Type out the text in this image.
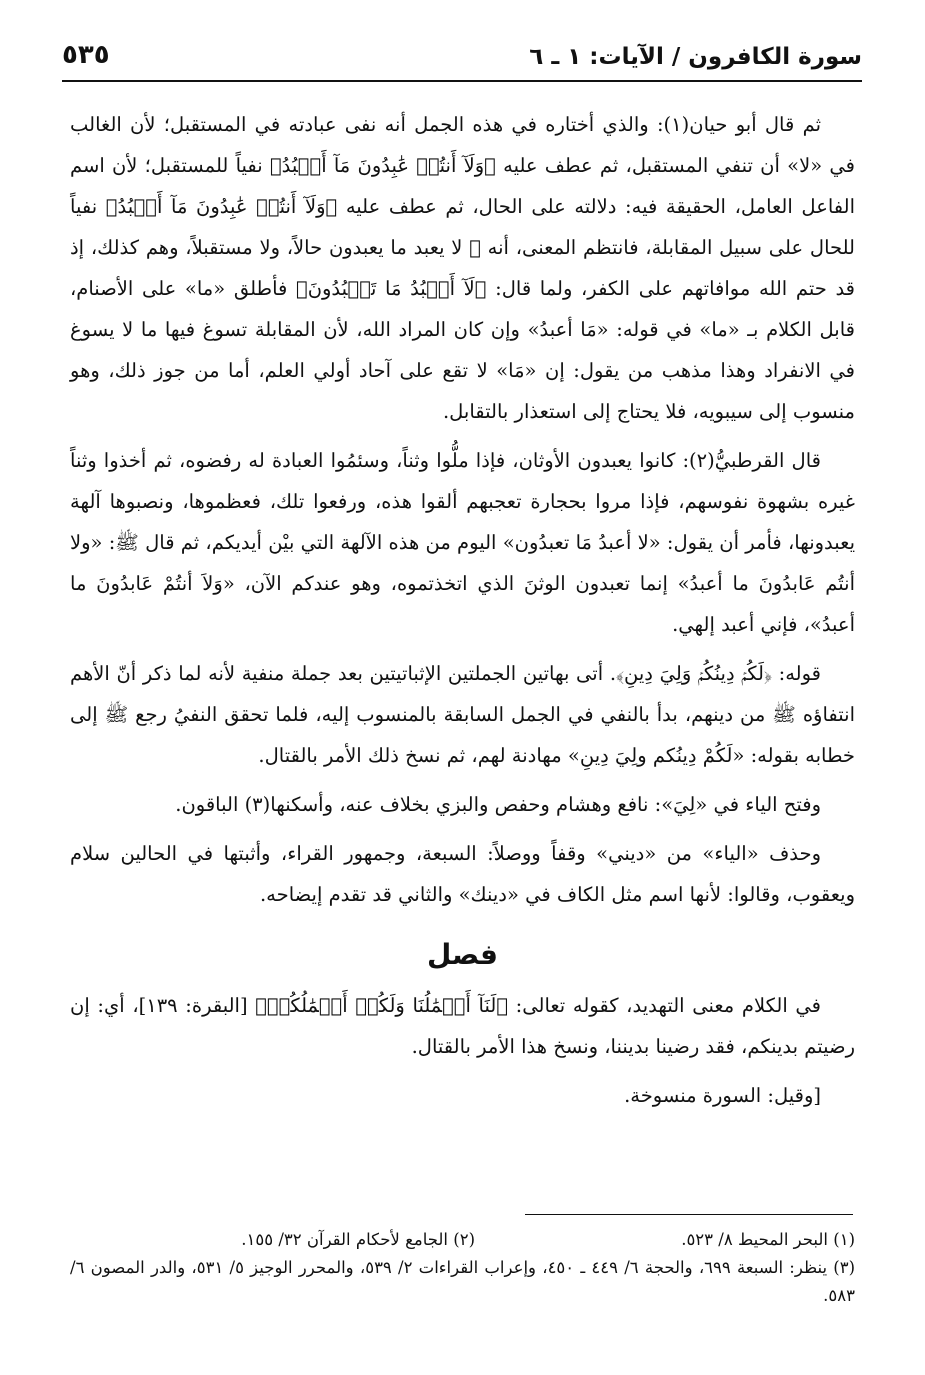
سورة الكافرون / الآيات: ١ ـ ٦
٥٣٥

ثم قال أبو حيان(١): والذي أختاره في هذه الجمل أنه نفى عبادته في المستقبل؛ لأن الغالب في «لا» أن تنفي المستقبل، ثم عطف عليه ﴿وَلَآ أَنتُمۡ عَٰبِدُونَ مَآ أَعۡبُدُ﴾ نفياً للمستقبل؛ لأن اسم الفاعل العامل، الحقيقة فيه: دلالته على الحال، ثم عطف عليه ﴿وَلَآ أَنتُمۡ عَٰبِدُونَ مَآ أَعۡبُدُ﴾ نفياً للحال على سبيل المقابلة، فانتظم المعنى، أنه ﷺ لا يعبد ما يعبدون حالاً، ولا مستقبلاً، وهم كذلك، إذ قد حتم الله موافاتهم على الكفر، ولما قال: ﴿لَآ أَعۡبُدُ مَا تَعۡبُدُونَ﴾ فأطلق «ما» على الأصنام، قابل الكلام بـ «ما» في قوله: «مَا أعبدُ» وإن كان المراد الله، لأن المقابلة تسوغ فيها ما لا يسوغ في الانفراد وهذا مذهب من يقول: إن «مَا» لا تقع على آحاد أولي العلم، أما من جوز ذلك، وهو منسوب إلى سيبويه، فلا يحتاج إلى استعذار بالتقابل.

قال القرطبيُّ(٢): كانوا يعبدون الأوثان، فإذا ملُّوا وثناً، وسئمُوا العبادة له رفضوه، ثم أخذوا وثناً غيره بشهوة نفوسهم، فإذا مروا بحجارة تعجبهم ألقوا هذه، ورفعوا تلك، فعظموها، ونصبوها آلهة يعبدونها، فأمر أن يقول: «لا أعبدُ مَا تعبدُون» اليوم من هذه الآلهة التي بيْن أيديكم، ثم قال ﷺ: «ولا أنتُم عَابدُونَ ما أعبدُ» إنما تعبدون الوثنَ الذي اتخذتموه، وهو عندكم الآن، «وَلاَ أنتُمْ عَابدُونَ ما أعبدُ»، فإني أعبد إلهي.

قوله: ﴿لَكُمۡ دِينُكُمۡ وَلِيَ دِينِ﴾. أتى بهاتين الجملتين الإثباتيتين بعد جملة منفية لأنه لما ذكر أنّ الأهم انتفاؤه ﷺ من دينهم، بدأ بالنفي في الجمل السابقة بالمنسوب إليه، فلما تحقق النفيُ رجع ﷺ إلى خطابه بقوله: «لَكُمْ دِينُكم ولِيَ دِينِ» مهادنة لهم، ثم نسخ ذلك الأمر بالقتال.

وفتح الياء في «لِيَ»: نافع وهشام وحفص والبزي بخلاف عنه، وأسكنها(٣) الباقون.

وحذف «الياء» من «ديني» وقفاً ووصلاً: السبعة، وجمهور القراء، وأثبتها في الحالين سلام ويعقوب، وقالوا: لأنها اسم مثل الكاف في «دينك» والثاني قد تقدم إيضاحه.

فصل

في الكلام معنى التهديد، كقوله تعالى: ﴿لَنَآ أَعۡمَٰلُنَا وَلَكُمۡ أَعۡمَٰلُكُمۡ﴾ [البقرة: ١٣٩]، أي: إن رضيتم بدينكم، فقد رضينا بديننا، ونسخ هذا الأمر بالقتال.

[وقيل: السورة منسوخة.

(١) البحر المحيط ٨/ ٥٢٣.
(٢) الجامع لأحكام القرآن ٣٢/ ١٥٥.
(٣) ينظر: السبعة ٦٩٩، والحجة ٦/ ٤٤٩ ـ ٤٥٠، وإعراب القراءات ٢/ ٥٣٩، والمحرر الوجيز ٥/ ٥٣١، والدر المصون ٦/ ٥٨٣.
